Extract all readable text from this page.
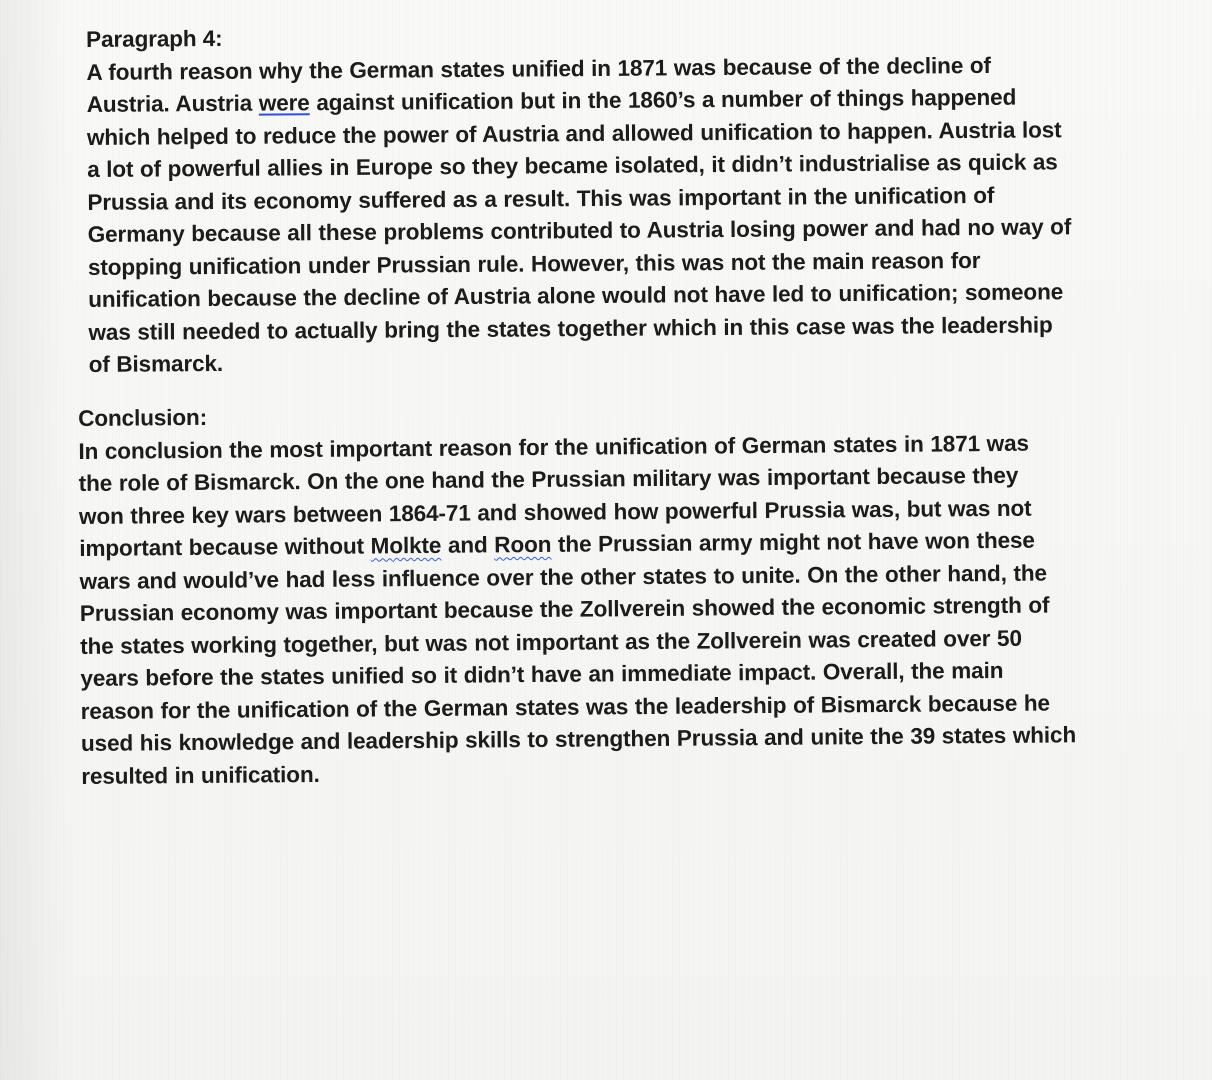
Paragraph 4:
A fourth reason why the German states unified in 1871 was because of the decline of
Austria. Austria were against unification but in the 1860’s a number of things happened
which helped to reduce the power of Austria and allowed unification to happen. Austria lost
a lot of powerful allies in Europe so they became isolated, it didn’t industrialise as quick as
Prussia and its economy suffered as a result. This was important in the unification of
Germany because all these problems contributed to Austria losing power and had no way of
stopping unification under Prussian rule. However, this was not the main reason for
unification because the decline of Austria alone would not have led to unification; someone
was still needed to actually bring the states together which in this case was the leadership
of Bismarck.
Conclusion:
In conclusion the most important reason for the unification of German states in 1871 was
the role of Bismarck. On the one hand the Prussian military was important because they
won three key wars between 1864-71 and showed how powerful Prussia was, but was not
important because without Molkte and Roon the Prussian army might not have won these
wars and would’ve had less influence over the other states to unite. On the other hand, the
Prussian economy was important because the Zollverein showed the economic strength of
the states working together, but was not important as the Zollverein was created over 50
years before the states unified so it didn’t have an immediate impact. Overall, the main
reason for the unification of the German states was the leadership of Bismarck because he
used his knowledge and leadership skills to strengthen Prussia and unite the 39 states which
resulted in unification.
